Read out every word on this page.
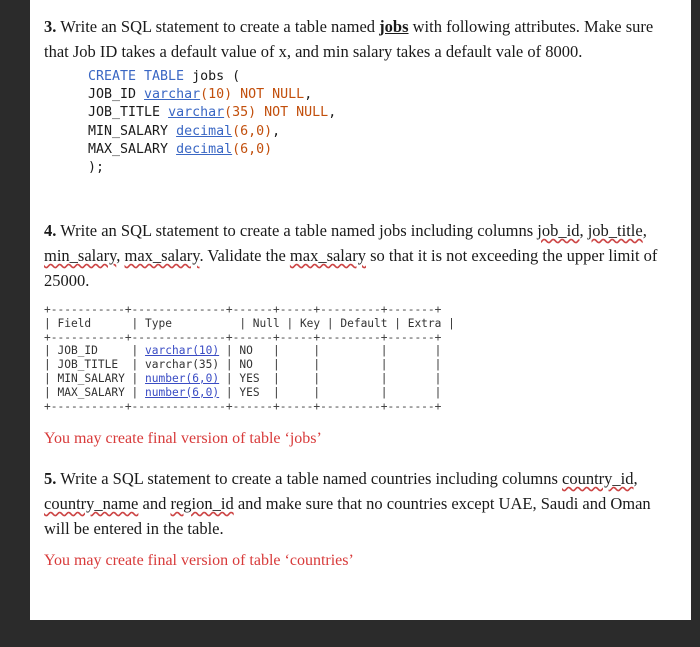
3. Write an SQL statement to create a table named jobs with following attributes. Make sure that Job ID takes a default value of x, and min salary takes a default vale of 8000.
CREATE TABLE jobs (
JOB_ID varchar(10) NOT NULL,
JOB_TITLE varchar(35) NOT NULL,
MIN_SALARY decimal(6,0),
MAX_SALARY decimal(6,0)
);
4. Write an SQL statement to create a table named jobs including columns job_id, job_title, min_salary, max_salary. Validate the max_salary so that it is not exceeding the upper limit of 25000.
+-----------+--------------+------+-----+---------+-------+
| Field      | Type          | Null | Key | Default | Extra |
+-----------+--------------+------+-----+---------+-------+
| JOB_ID     | varchar(10) | NO   |     |         |       |
| JOB_TITLE  | varchar(35) | NO   |     |         |       |
| MIN_SALARY | number(6,0) | YES  |     |         |       |
| MAX_SALARY | number(6,0) | YES  |     |         |       |
+-----------+--------------+------+-----+---------+-------+
You may create final version of table ‘jobs’
5. Write a SQL statement to create a table named countries including columns country_id, country_name and region_id and make sure that no countries except UAE, Saudi and Oman will be entered in the table.
You may create final version of table ‘countries’
